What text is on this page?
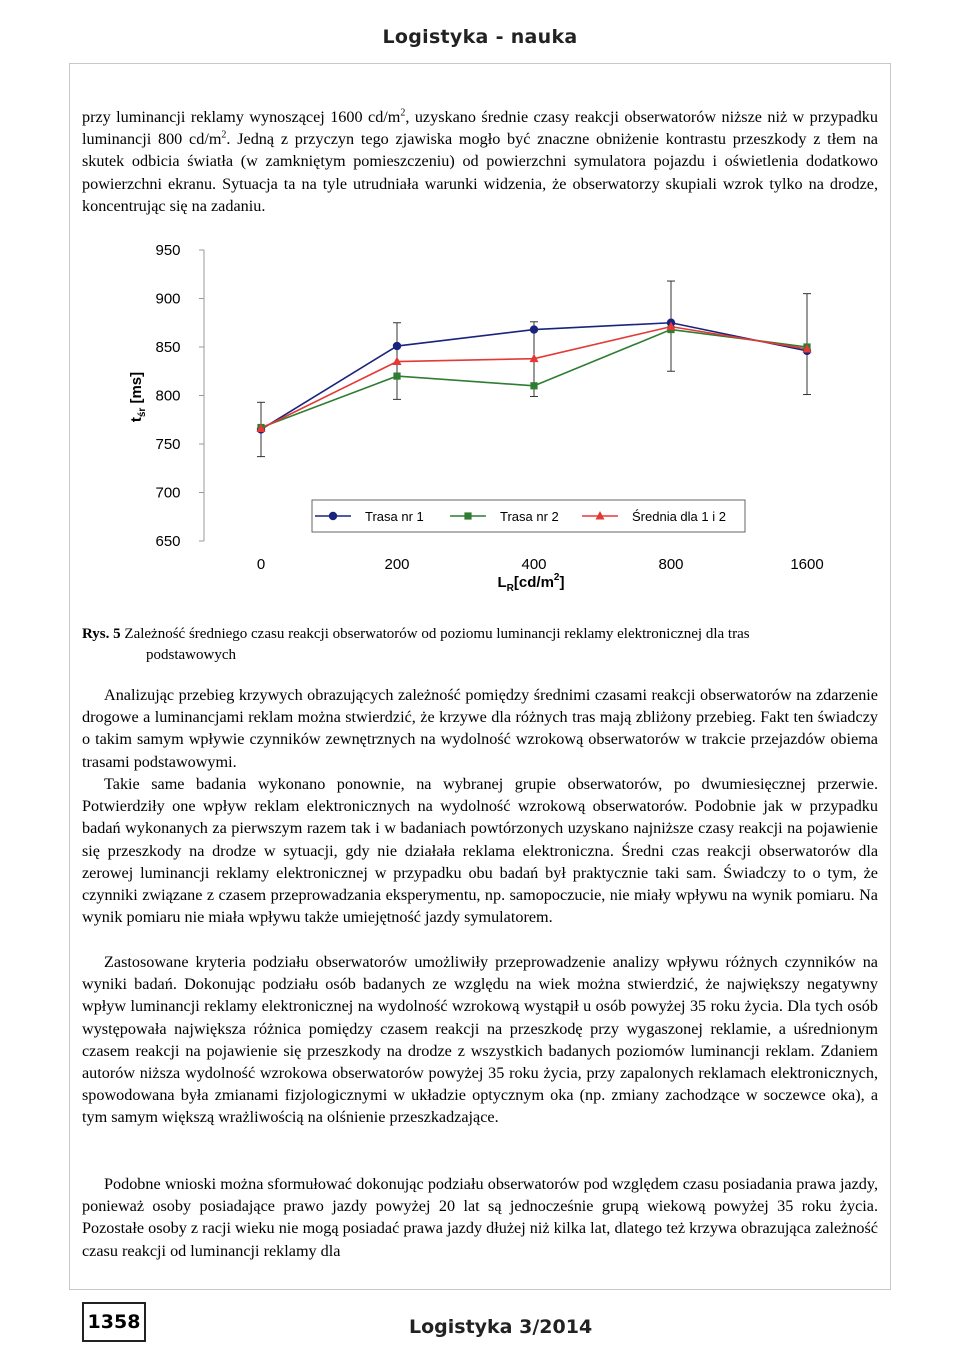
Logistyka - nauka

przy luminancji reklamy wynoszącej 1600 $cd/m^2$, uzyskano średnie czasy reakcji obserwatorów niższe niż w przypadku luminancji 800 $cd/m^2$. Jedną z przyczyn tego zjawiska mogło być znaczne obniżenie kontrastu przeszkody z tłem na skutek odbicia światła (w zamkniętym pomieszczeniu) od powierzchni symulatora pojazdu i oświetlenia dodatkowo powierzchni ekranu. Sytuacja ta na tyle utrudniała warunki widzenia, że obserwatorzy skupiali wzrok tylko na drodze, koncentrując się na zadaniu.

950
900
850
800
750
700
650
$t_{śr}$ [ms]
0	200	400	800	1600
$L_R[cd/m^2]$
Trasa nr 1	Trasa nr 2	Średnia dla 1 i 2
Rys. 5 Zależność średniego czasu reakcji obserwatorów od poziomu luminancji reklamy elektronicznej dla tras
podstawowych

Analizując przebieg krzywych obrazujących zależność pomiędzy średnimi czasami reakcji obserwatorów na zdarzenie drogowe a luminancjami reklam można stwierdzić, że krzywe dla różnych tras mają zbliżony przebieg. Fakt ten świadczy o takim samym wpływie czynników zewnętrznych na wydolność wzrokową obserwatorów w trakcie przejazdów obiema trasami podstawowymi.

Takie same badania wykonano ponownie, na wybranej grupie obserwatorów, po dwumiesięcznej przerwie. Potwierdziły one wpływ reklam elektronicznych na wydolność wzrokową obserwatorów. Podobnie jak w przypadku badań wykonanych za pierwszym razem tak i w badaniach powtórzonych uzyskano najniższe czasy reakcji na pojawienie się przeszkody na drodze w sytuacji, gdy nie działała reklama elektroniczna. Średni czas reakcji obserwatorów dla zerowej luminancji reklamy elektronicznej w przypadku obu badań był praktycznie taki sam. Świadczy to o tym, że czynniki związane z czasem przeprowadzania eksperymentu, np. samopoczucie, nie miały wpływu na wynik pomiaru. Na wynik pomiaru nie miała wpływu także umiejętność jazdy symulatorem.

Zastosowane kryteria podziału obserwatorów umożliwiły przeprowadzenie analizy wpływu różnych czynników na wyniki badań. Dokonując podziału osób badanych ze względu na wiek można stwierdzić, że największy negatywny wpływ luminancji reklamy elektronicznej na wydolność wzrokową wystąpił u osób powyżej 35 roku życia. Dla tych osób występowała największa różnica pomiędzy czasem reakcji na przeszkodę przy wygaszonej reklamie, a uśrednionym czasem reakcji na pojawienie się przeszkody na drodze z wszystkich badanych poziomów luminancji reklam. Zdaniem autorów niższa wydolność wzrokowa obserwatorów powyżej 35 roku życia, przy zapalonych reklamach elektronicznych, spowodowana była zmianami fizjologicznymi w układzie optycznym oka (np. zmiany zachodzące w soczewce oka), a tym samym większą wrażliwością na olśnienie przeszkadzające.

Podobne wnioski można sformułować dokonując podziału obserwatorów pod względem czasu posiadania prawa jazdy, ponieważ osoby posiadające prawo jazdy powyżej 20 lat są jednocześnie grupą wiekową powyżej 35 roku życia. Pozostałe osoby z racji wieku nie mogą posiadać prawa jazdy dłużej niż kilka lat, dlatego też krzywa obrazująca zależność czasu reakcji od luminancji reklamy dla

1358	Logistyka 3/2014
